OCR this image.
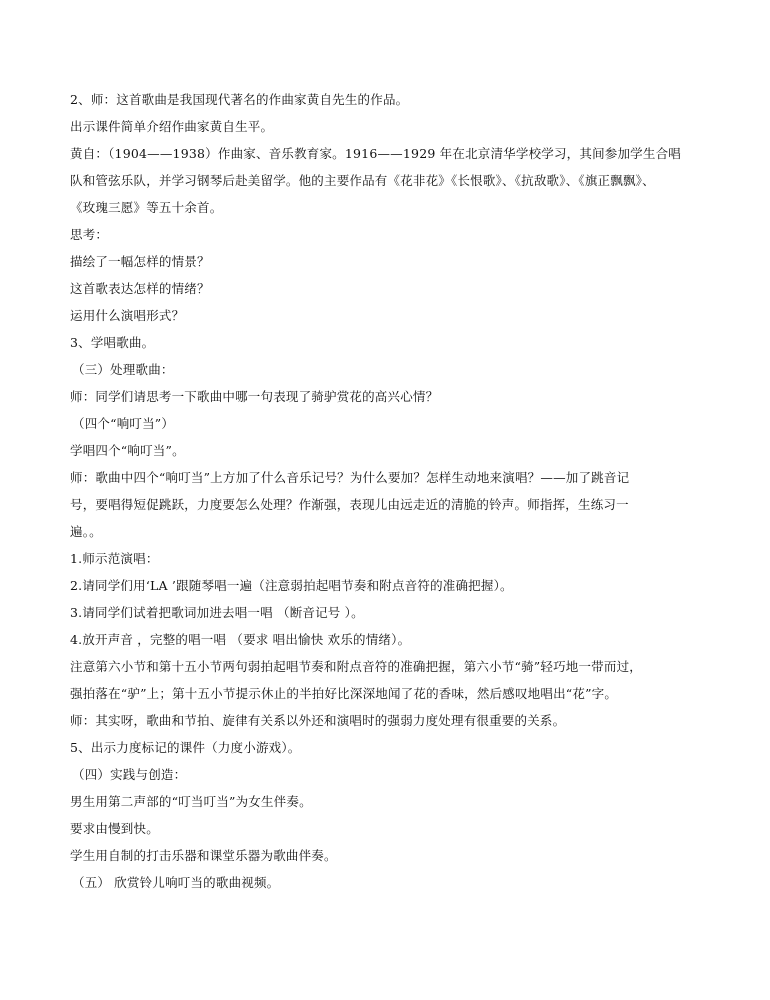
2、师：这首歌曲是我国现代著名的作曲家黄自先生的作品。
出示课件简单介绍作曲家黄自生平。
黄自：（1904——1938）作曲家、音乐教育家。1916——1929 年在北京清华学校学习，其间参加学生合唱
队和管弦乐队，并学习钢琴后赴美留学。他的主要作品有《花非花》《长恨歌》、《抗敌歌》、《旗正飘飘》、
《玫瑰三愿》等五十余首。
思考：
描绘了一幅怎样的情景？
这首歌表达怎样的情绪？
运用什么演唱形式？
3、学唱歌曲。
（三）处理歌曲：
师：同学们请思考一下歌曲中哪一句表现了骑驴赏花的高兴心情？
（四个“响叮当”）
学唱四个“响叮当”。
师：歌曲中四个“响叮当”上方加了什么音乐记号？为什么要加？怎样生动地来演唱？——加了跳音记
号，要唱得短促跳跃，力度要怎么处理？作渐强，表现儿由远走近的清脆的铃声。师指挥，生练习一
遍。。
1.师示范演唱：
2.请同学们用‘LA ’跟随琴唱一遍（注意弱拍起唱节奏和附点音符的准确把握）。
3.请同学们试着把歌词加进去唱一唱 （断音记号 ）。
4.放开声音 ，完整的唱一唱 （要求 唱出愉快 欢乐的情绪）。
注意第六小节和第十五小节两句弱拍起唱节奏和附点音符的准确把握，第六小节“骑”轻巧地一带而过，
强拍落在“驴”上；第十五小节提示休止的半拍好比深深地闻了花的香味，然后感叹地唱出“花”字。
师：其实呀，歌曲和节拍、旋律有关系以外还和演唱时的强弱力度处理有很重要的关系。
5、出示力度标记的课件（力度小游戏）。
（四）实践与创造：
男生用第二声部的“叮当叮当”为女生伴奏。
要求由慢到快。
学生用自制的打击乐器和课堂乐器为歌曲伴奏。
（五） 欣赏铃儿响叮当的歌曲视频。
